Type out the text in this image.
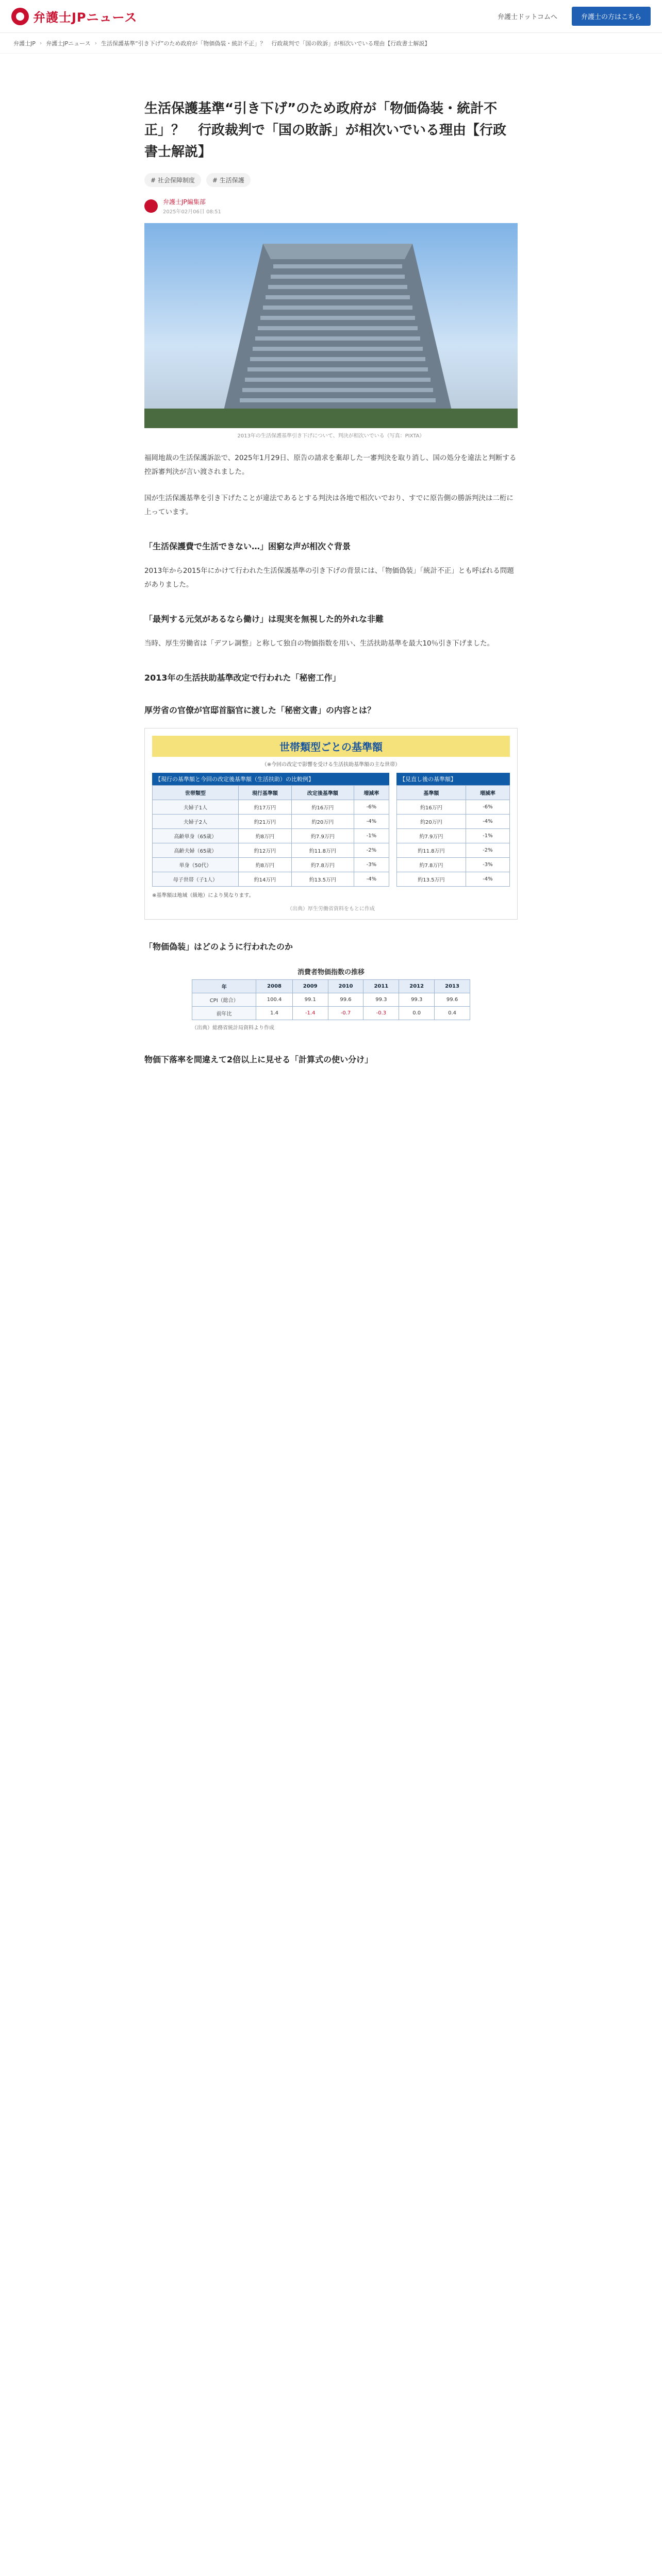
弁護士JPニュース	弁護士ドットコムへ	弁護士の方はこちら
弁護士JP › 弁護士JPニュース › 生活保護基準“引き下げ”のため政府が「物価偽装・統計不正」？　行政裁判で「国の敗訴」が相次いでいる理由【行政書士解説】
生活保護基準“引き下げ”のため政府が「物価偽装・統計不正」？　行政裁判で「国の敗訴」が相次いでいる理由【行政書士解説】
# 社会保障制度	# 生活保護
弁護士JP編集部
2025年02月06日 08:51

2013年の生活保護基準引き下げについて、判決が相次いでいる（写真：PIXTA）

福岡地裁の生活保護訴訟で、2025年1月29日、原告の請求を棄却した一審判決を取り消し、国の処分を違法と判断する控訴審判決が言い渡されました。

国が生活保護基準を引き下げたことが違法であるとする判決は各地で相次いでおり、すでに原告側の勝訴判決は二桁に上っています。

「生活保護費で生活できない…」困窮な声が相次ぐ背景

2013年から2015年にかけて行われた生活保護基準の引き下げの背景には、「物価偽装」「統計不正」とも呼ばれる問題がありました。

「最判する元気があるなら働け」は現実を無視した的外れな非難

当時、厚生労働省は「デフレ調整」と称して独自の物価指数を用い、生活扶助基準を最大10％引き下げました。

2013年の生活扶助基準改定で行われた「秘密工作」
厚労省の官僚が官邸首脳官に渡した「秘密文書」の内容とは？
世帯類型ごとの基準額
（※今回の改定で影響を受ける生活扶助基準額の主な世帯）
【現行の基準額と今回の改定後基準額（生活扶助）の比較例】
世帯類型	現行基準額	改定後基準額	増減率
夫婦子1人	約17万円	約16万円	-6%
夫婦子2人	約21万円	約20万円	-4%
高齢単身（65歳）	約8万円	約7.9万円	-1%
高齢夫婦（65歳）	約12万円	約11.8万円	-2%
単身（50代）	約8万円	約7.8万円	-3%
母子世帯（子1人）	約14万円	約13.5万円	-4%
【見直し後の基準額】
基準額	増減率
約16万円	-6%
約20万円	-4%
約7.9万円	-1%
約11.8万円	-2%
約7.8万円	-3%
約13.5万円	-4%

※基準額は地域（級地）により異なります。

（出典）厚生労働省資料をもとに作成

「物価偽装」はどのように行われたのか
消費者物価指数の推移
年	2008	2009	2010	2011	2012	2013
CPI（総合）	100.4	99.1	99.6	99.3	99.3	99.6
前年比	1.4	-1.4	-0.7	-0.3	0.0	0.4

（出典）総務省統計局資料より作成

物価下落率を間違えて2倍以上に見せる「計算式の使い分け」
